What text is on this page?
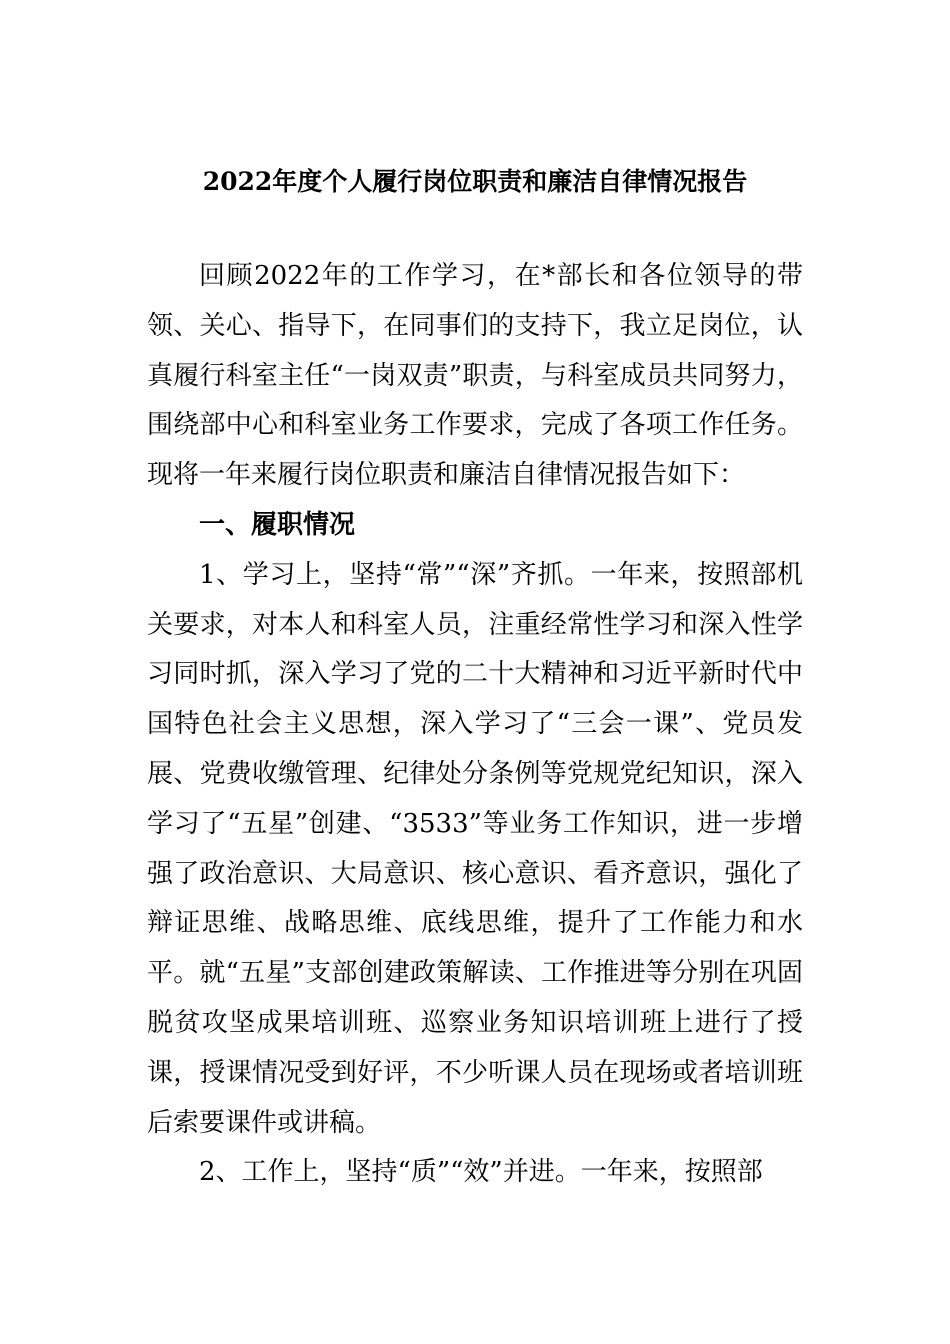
2022年度个人履行岗位职责和廉洁自律情况报告

回顾2022年的工作学习，在*部长和各位领导的带领、关心、指导下，在同事们的支持下，我立足岗位，认真履行科室主任“一岗双责”职责，与科室成员共同努力，围绕部中心和科室业务工作要求，完成了各项工作任务。现将一年来履行岗位职责和廉洁自律情况报告如下：

一、履职情况

1、学习上，坚持“常”“深”齐抓。一年来，按照部机关要求，对本人和科室人员，注重经常性学习和深入性学习同时抓，深入学习了党的二十大精神和习近平新时代中国特色社会主义思想，深入学习了“三会一课”、党员发展、党费收缴管理、纪律处分条例等党规党纪知识，深入学习了“五星”创建、“3533”等业务工作知识，进一步增强了政治意识、大局意识、核心意识、看齐意识，强化了辩证思维、战略思维、底线思维，提升了工作能力和水平。就“五星”支部创建政策解读、工作推进等分别在巩固脱贫攻坚成果培训班、巡察业务知识培训班上进行了授课，授课情况受到好评，不少听课人员在现场或者培训班后索要课件或讲稿。

2、工作上，坚持“质”“效”并进。一年来，按照部
